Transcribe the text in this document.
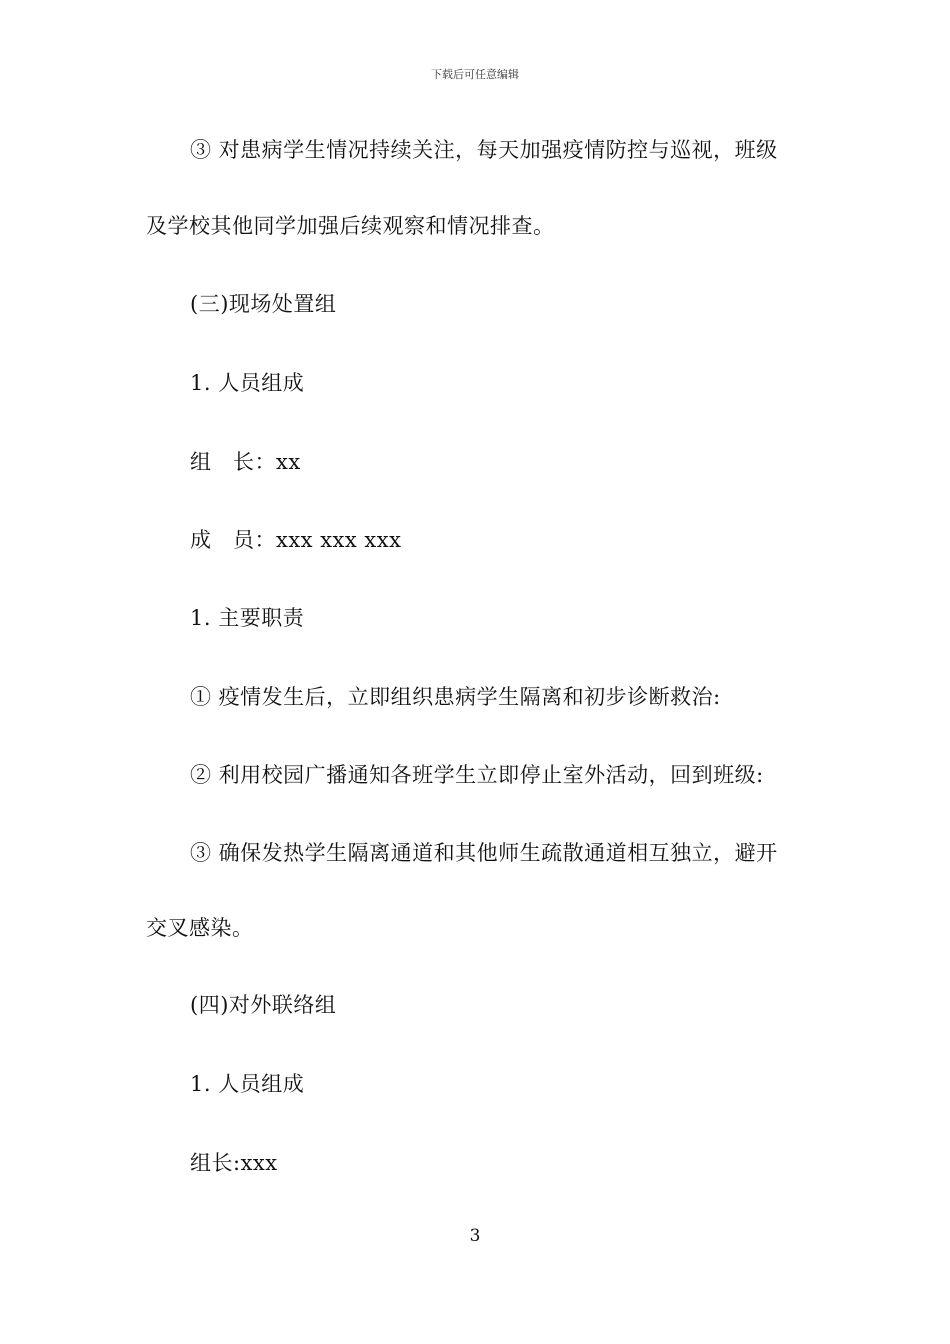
下载后可任意编辑
③ 对患病学生情况持续关注，每天加强疫情防控与巡视，班级
及学校其他同学加强后续观察和情况排查。
(三)现场处置组
1. 人员组成
组　长：xx
成　员：xxx xxx xxx
1. 主要职责
① 疫情发生后，立即组织患病学生隔离和初步诊断救治:
② 利用校园广播通知各班学生立即停止室外活动，回到班级:
③ 确保发热学生隔离通道和其他师生疏散通道相互独立，避开
交叉感染。
(四)对外联络组
1. 人员组成
组长:xxx
3
